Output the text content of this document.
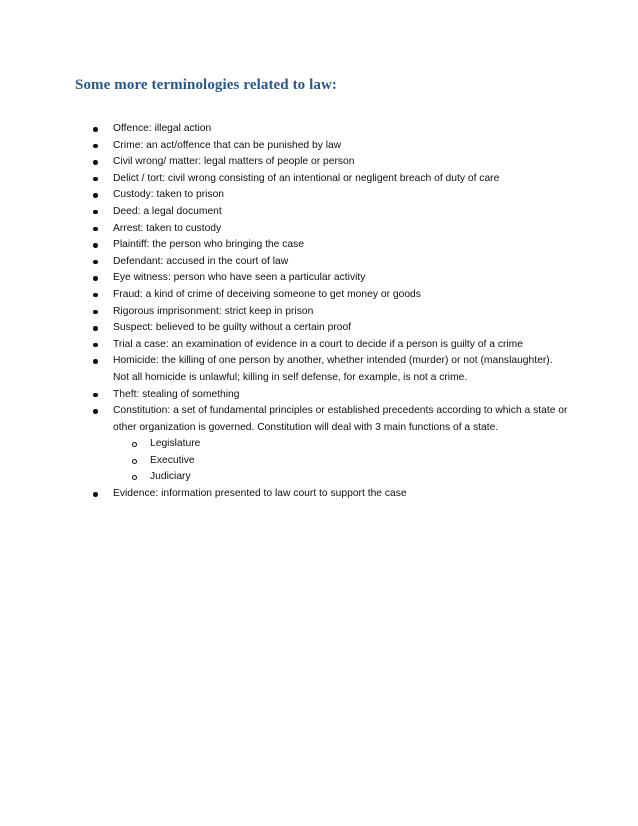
Some more terminologies related to law:
Offence: illegal action
Crime: an act/offence that can be punished by law
Civil wrong/ matter: legal matters of people or person
Delict / tort: civil wrong consisting of an intentional or negligent breach of duty of care
Custody: taken to prison
Deed: a legal document
Arrest: taken to custody
Plaintiff: the person who bringing the case
Defendant: accused in the court of law
Eye witness: person who have seen a particular activity
Fraud: a kind of crime of deceiving someone to get money or goods
Rigorous imprisonment: strict keep in prison
Suspect: believed to be guilty without a certain proof
Trial a case: an examination of evidence in a court to decide if a person is guilty of a crime
Homicide: the killing of one person by another, whether intended (murder) or not (manslaughter). Not all homicide is unlawful; killing in self defense, for example, is not a crime.
Theft: stealing of something
Constitution: a set of fundamental principles or established precedents according to which a state or other organization is governed. Constitution will deal with 3 main functions of a state.
Legislature
Executive
Judiciary
Evidence: information presented to law court to support the case
